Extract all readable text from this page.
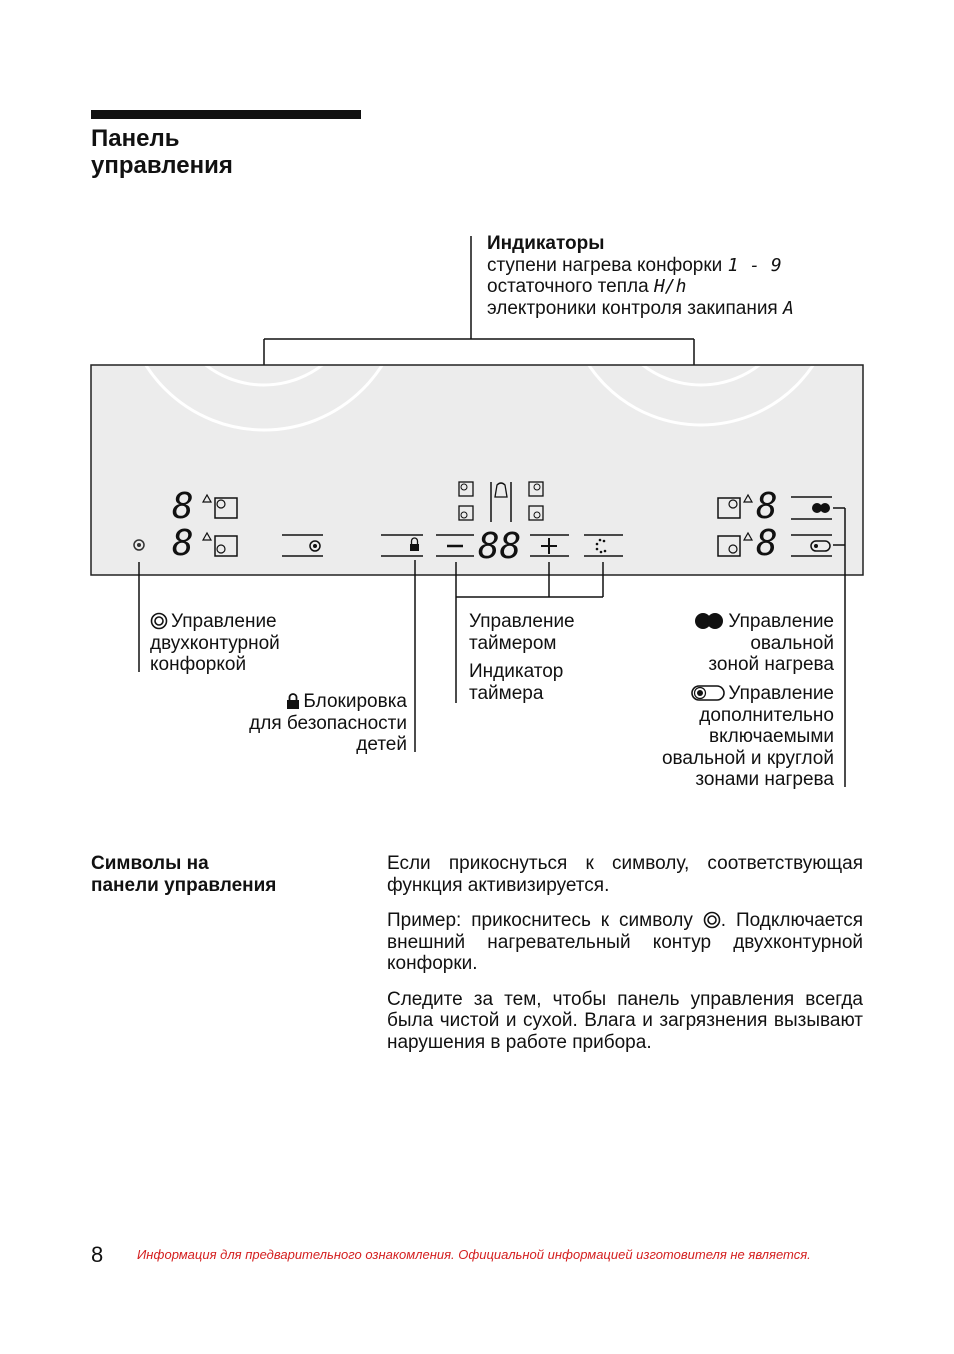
Панель
управления
Индикаторы
ступени нагрева конфорки 1 - 9
остаточного тепла H/h
электроники контроля закипания A
8
8	88
8
8
Управление
двухконтурной
конфоркой
Блокировка
для безопасности
детей
Управление
таймером
Индикатор
таймера
Управление
овальной
зоной нагрева
Управление
дополнительно
включаемыми
овальной и круглой
зонами нагрева
Символы на
панели управления

Если прикоснуться к символу, соответствующая функция активизируется.

Пример: прикоснитесь к символу . Подключается внешний нагревательный контур двухконтурной конфорки.

Следите за тем, чтобы панель управления всегда была чистой и сухой. Влага и загрязнения вызывают нарушения в работе прибора.

8	Информация для предварительного ознакомления. Официальной информацией изготовителя не является.
